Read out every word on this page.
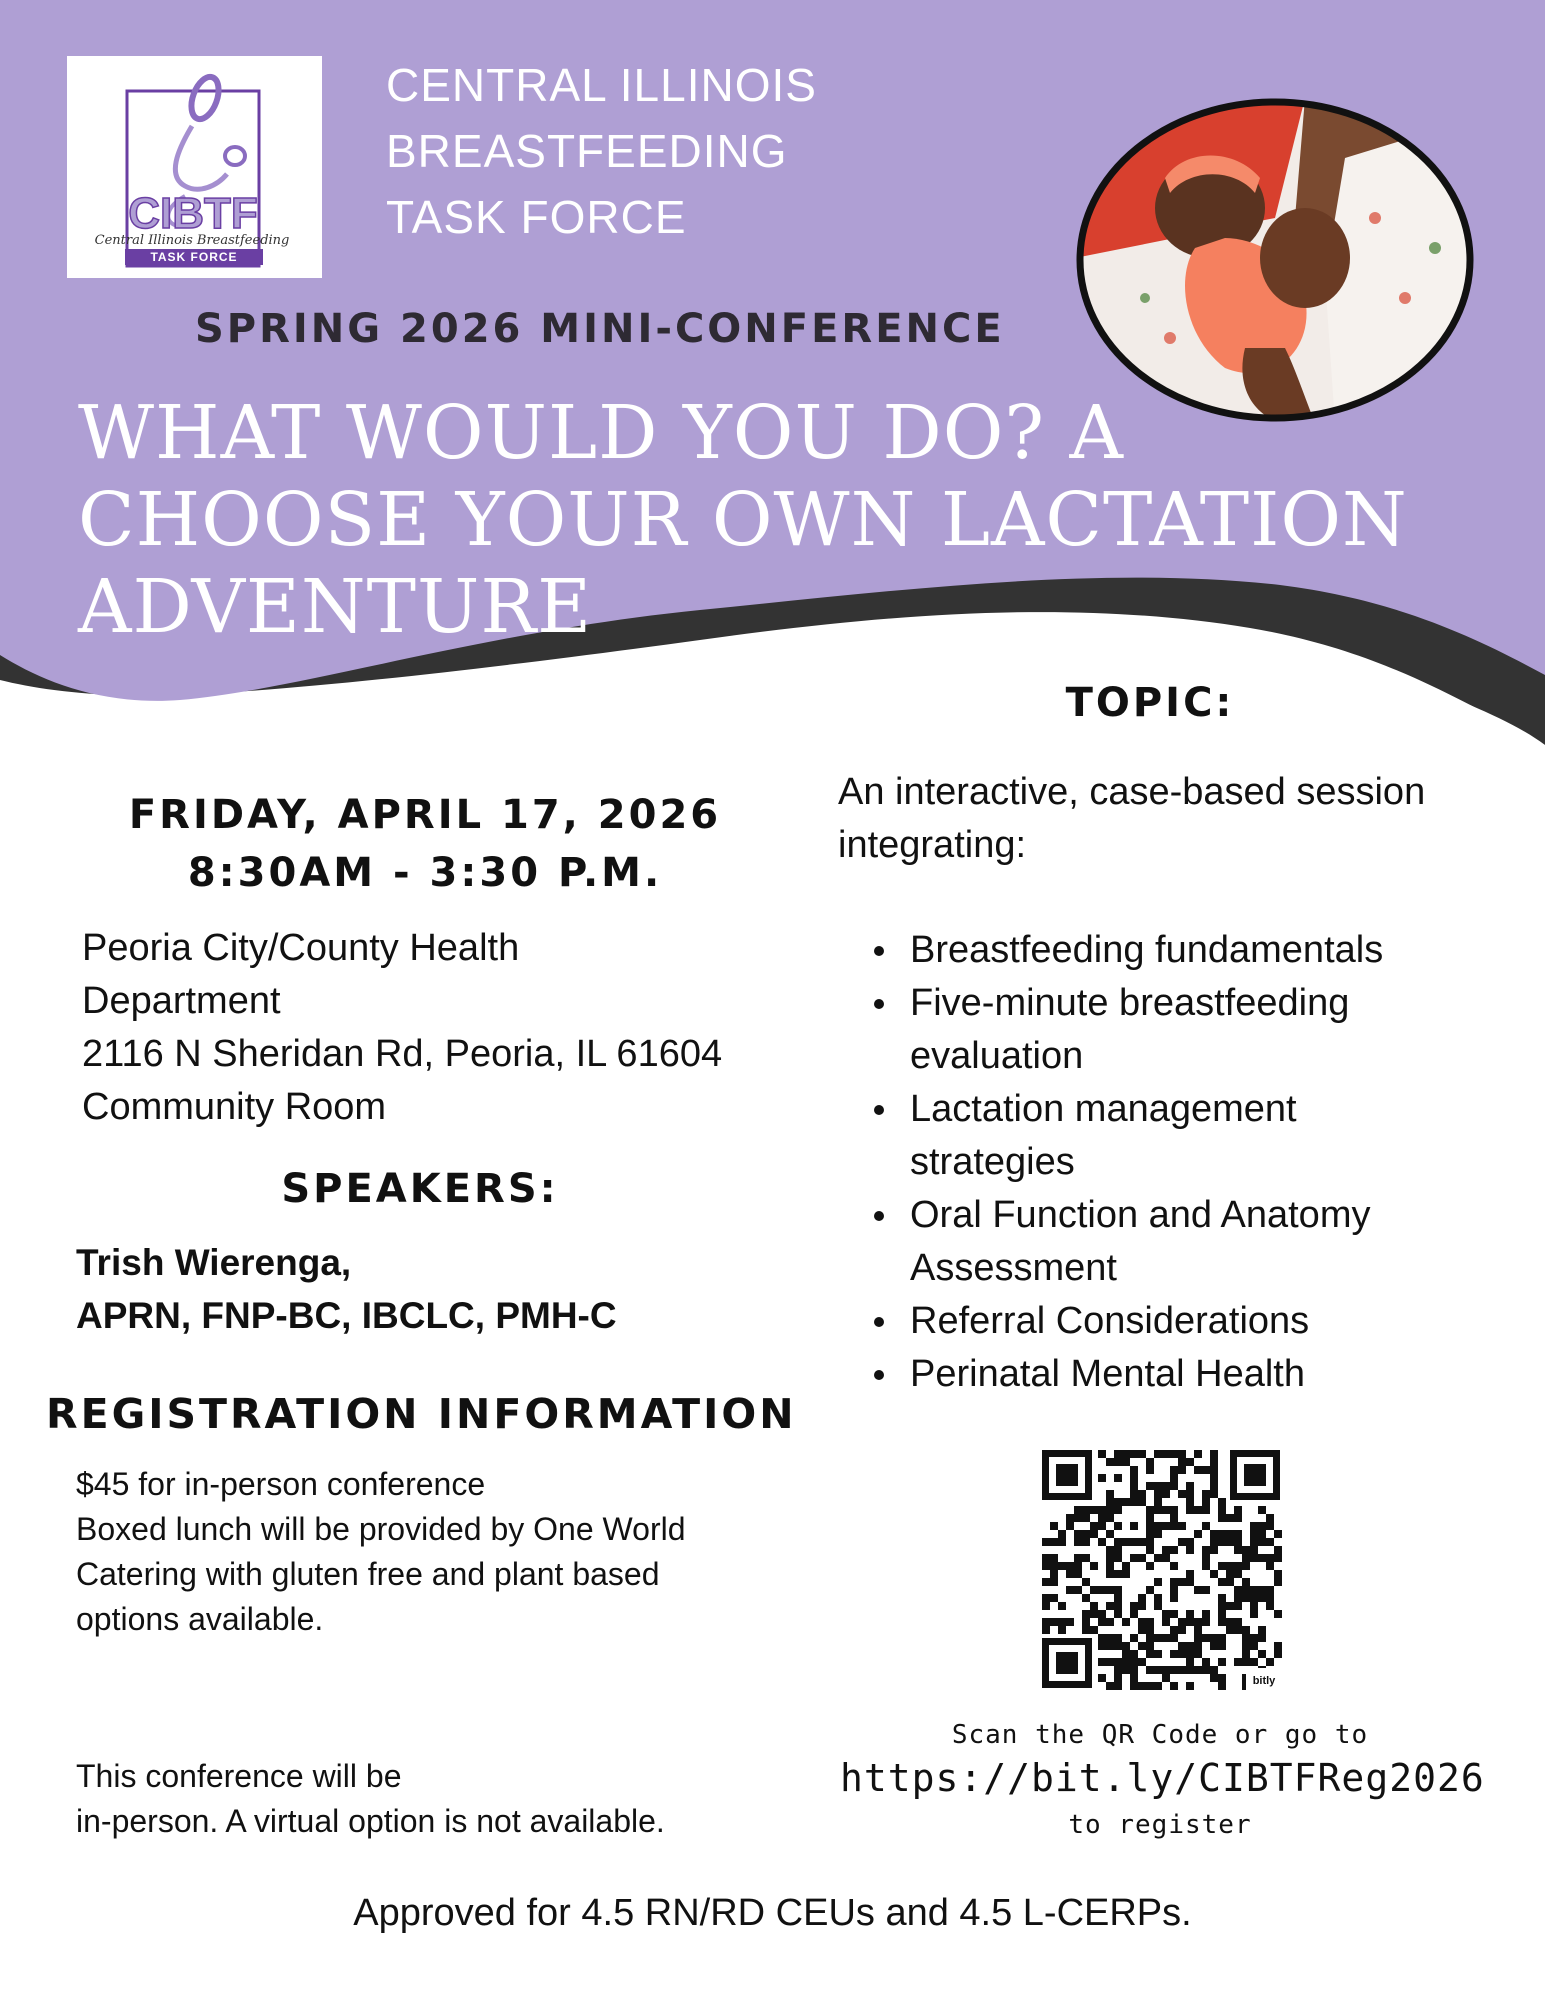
CIBTF
Central Illinois Breastfeeding
TASK FORCE
CENTRAL ILLINOIS
BREASTFEEDING
TASK FORCE
SPRING 2026 MINI-CONFERENCE
WHAT WOULD YOU DO? A
CHOOSE YOUR OWN LACTATION
ADVENTURE
TOPIC:
FRIDAY, APRIL 17, 2026
8:30AM - 3:30 P.M.
Peoria City/County Health
Department
2116 N Sheridan Rd, Peoria, IL 61604
Community Room
SPEAKERS:
Trish Wierenga,
APRN, FNP-BC, IBCLC, PMH-C
REGISTRATION INFORMATION
$45 for in-person conference
Boxed lunch will be provided by One World
Catering with gluten free and plant based
options available.
This conference will be
in-person. A virtual option is not available.
An interactive, case-based session
integrating:
Breastfeeding fundamentals
Five-minute breastfeeding
evaluation
Lactation management
strategies
Oral Function and Anatomy
Assessment
Referral Considerations
Perinatal Mental Health
bitly
Scan the QR Code or go to
https://bit.ly/CIBTFReg2026
to register
Approved for 4.5 RN/RD CEUs and 4.5 L-CERPs.
